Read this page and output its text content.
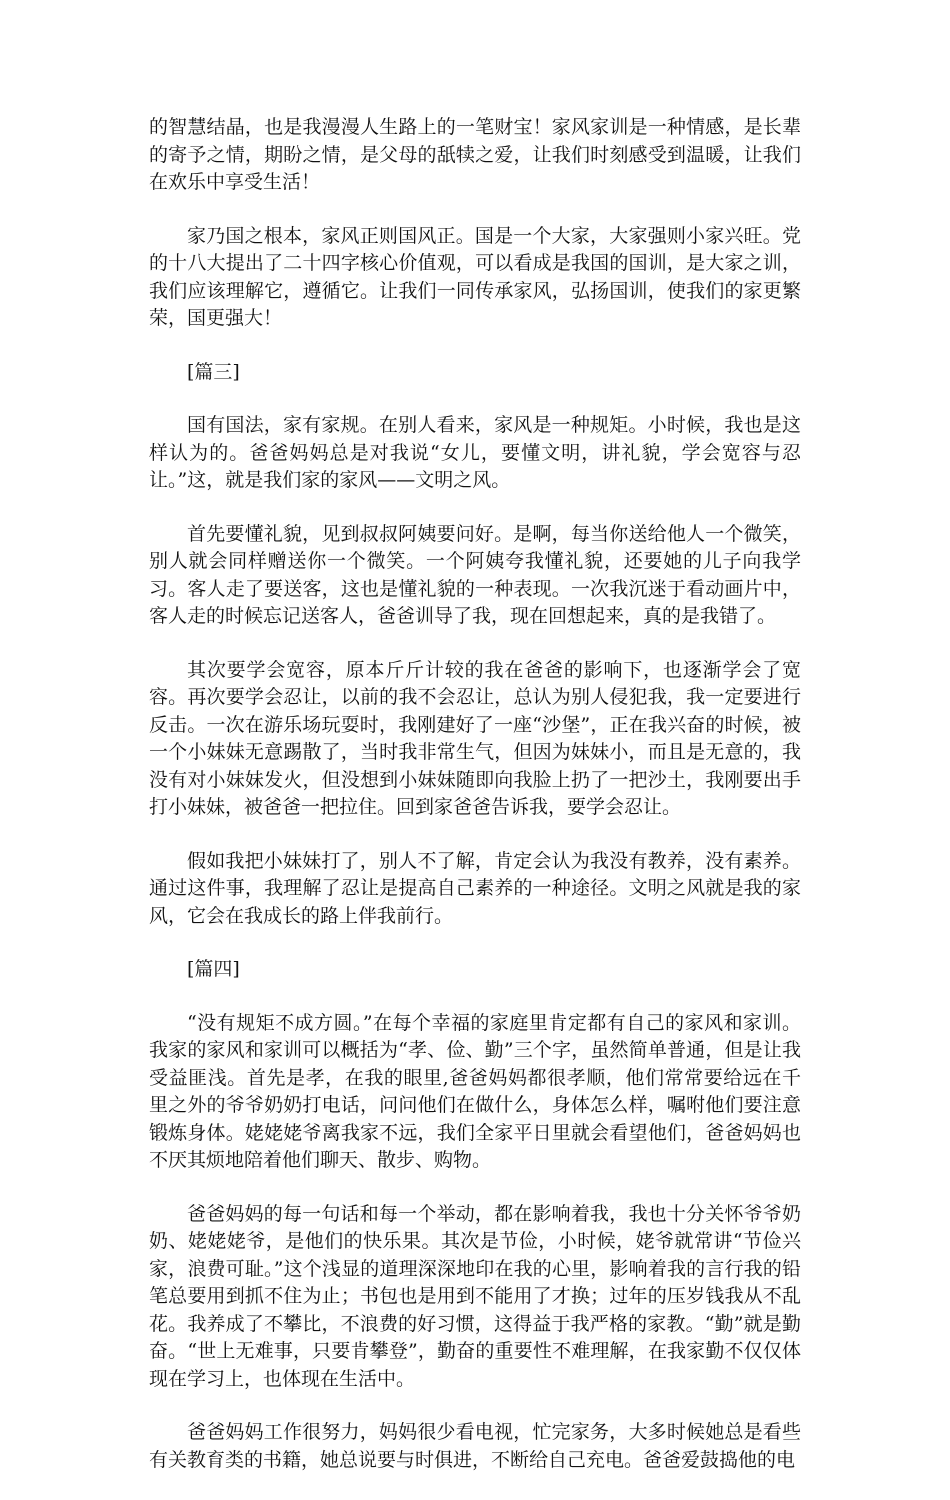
的智慧结晶，也是我漫漫人生路上的一笔财宝！家风家训是一种情感，是长辈的寄予之情，期盼之情，是父母的舐犊之爱，让我们时刻感受到温暖，让我们在欢乐中享受生活！

家乃国之根本，家风正则国风正。国是一个大家，大家强则小家兴旺。党的十八大提出了二十四字核心价值观，可以看成是我国的国训，是大家之训，我们应该理解它，遵循它。让我们一同传承家风，弘扬国训，使我们的家更繁荣，国更强大！

[篇三]

国有国法，家有家规。在别人看来，家风是一种规矩。小时候，我也是这样认为的。爸爸妈妈总是对我说“女儿，要懂文明，讲礼貌，学会宽容与忍让。”这，就是我们家的家风——文明之风。

首先要懂礼貌，见到叔叔阿姨要问好。是啊，每当你送给他人一个微笑，别人就会同样赠送你一个微笑。一个阿姨夸我懂礼貌，还要她的儿子向我学习。客人走了要送客，这也是懂礼貌的一种表现。一次我沉迷于看动画片中，客人走的时候忘记送客人，爸爸训导了我，现在回想起来，真的是我错了。

其次要学会宽容，原本斤斤计较的我在爸爸的影响下，也逐渐学会了宽容。再次要学会忍让，以前的我不会忍让，总认为别人侵犯我，我一定要进行反击。一次在游乐场玩耍时，我刚建好了一座“沙堡”，正在我兴奋的时候，被一个小妹妹无意踢散了，当时我非常生气，但因为妹妹小，而且是无意的，我没有对小妹妹发火，但没想到小妹妹随即向我脸上扔了一把沙土，我刚要出手打小妹妹，被爸爸一把拉住。回到家爸爸告诉我，要学会忍让。

假如我把小妹妹打了，别人不了解，肯定会认为我没有教养，没有素养。通过这件事，我理解了忍让是提高自己素养的一种途径。文明之风就是我的家风，它会在我成长的路上伴我前行。

[篇四]

“没有规矩不成方圆。”在每个幸福的家庭里肯定都有自己的家风和家训。我家的家风和家训可以概括为“孝、俭、勤”三个字，虽然简单普通，但是让我受益匪浅。首先是孝，在我的眼里,爸爸妈妈都很孝顺，他们常常要给远在千里之外的爷爷奶奶打电话，问问他们在做什么，身体怎么样，嘱咐他们要注意锻炼身体。姥姥姥爷离我家不远，我们全家平日里就会看望他们，爸爸妈妈也不厌其烦地陪着他们聊天、散步、购物。

爸爸妈妈的每一句话和每一个举动，都在影响着我，我也十分关怀爷爷奶奶、姥姥姥爷，是他们的快乐果。其次是节俭，小时候，姥爷就常讲“节俭兴家，浪费可耻。”这个浅显的道理深深地印在我的心里，影响着我的言行我的铅笔总要用到抓不住为止；书包也是用到不能用了才换；过年的压岁钱我从不乱花。我养成了不攀比，不浪费的好习惯，这得益于我严格的家教。“勤”就是勤奋。“世上无难事，只要肯攀登”，勤奋的重要性不难理解，在我家勤不仅仅体现在学习上，也体现在生活中。

爸爸妈妈工作很努力，妈妈很少看电视，忙完家务，大多时候她总是看些有关教育类的书籍，她总说要与时俱进，不断给自己充电。爸爸爱鼓捣他的电
